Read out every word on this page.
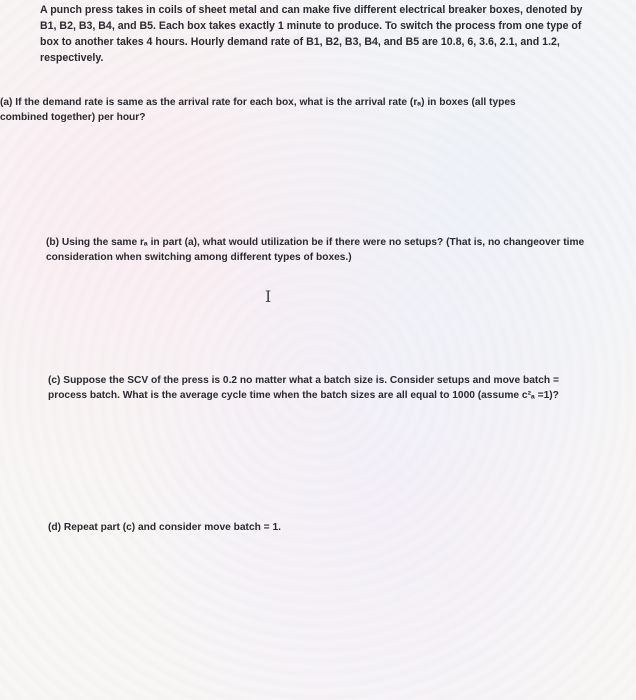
A punch press takes in coils of sheet metal and can make five different electrical breaker boxes, denoted by B1, B2, B3, B4, and B5. Each box takes exactly 1 minute to produce. To switch the process from one type of box to another takes 4 hours. Hourly demand rate of B1, B2, B3, B4, and B5 are 10.8, 6, 3.6, 2.1, and 1.2, respectively.
(a) If the demand rate is same as the arrival rate for each box, what is the arrival rate (rₐ) in boxes (all types combined together) per hour?
(b) Using the same rₐ in part (a), what would utilization be if there were no setups? (That is, no changeover time consideration when switching among different types of boxes.)
I
(c) Suppose the SCV of the press is 0.2 no matter what a batch size is. Consider setups and move batch = process batch. What is the average cycle time when the batch sizes are all equal to 1000 (assume c²ₐ =1)?
(d) Repeat part (c) and consider move batch = 1.
